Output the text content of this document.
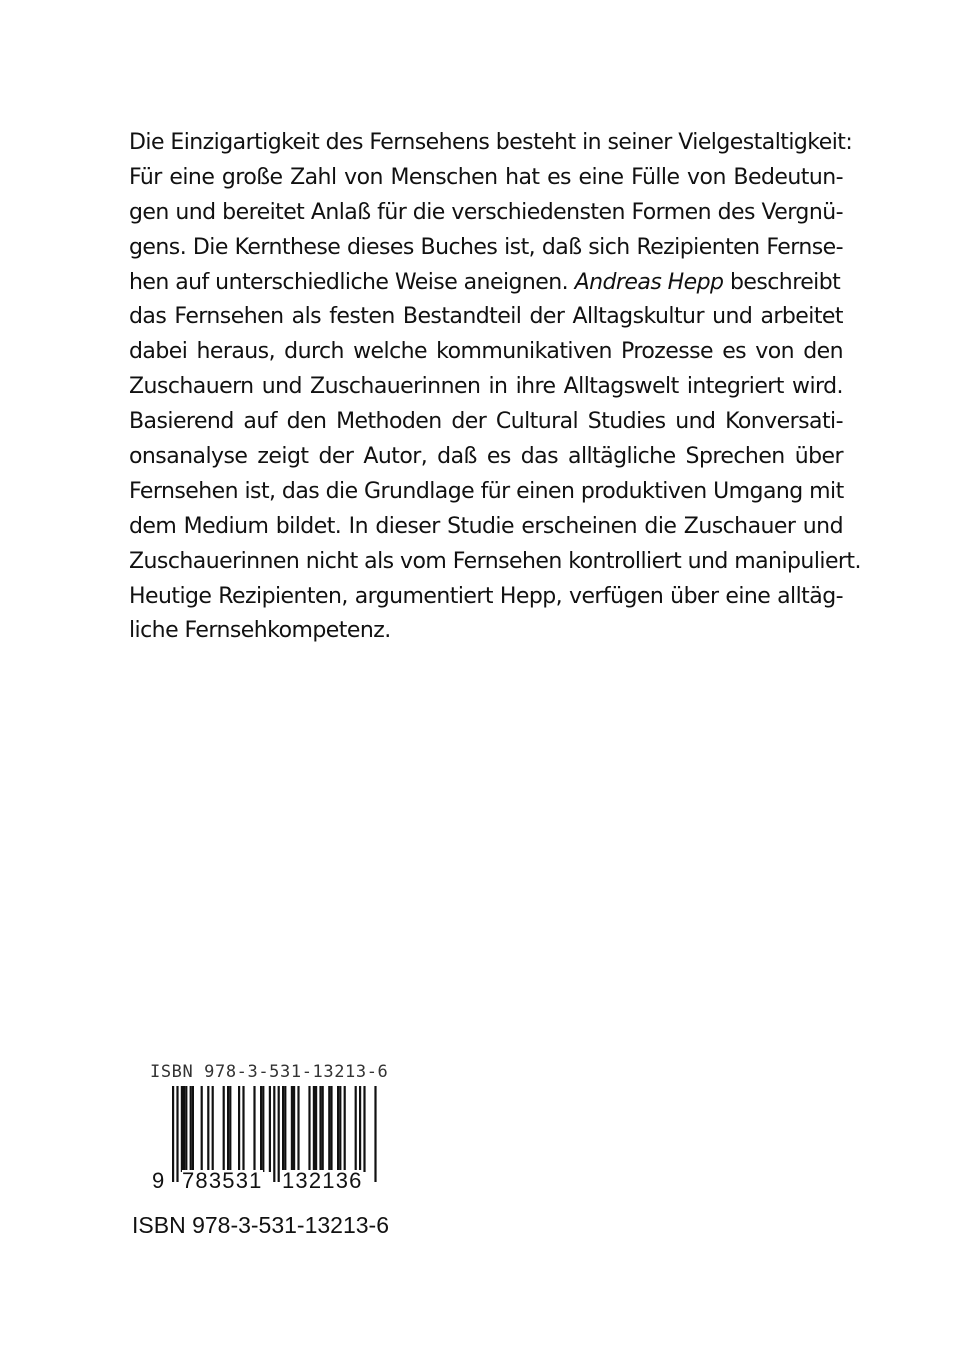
Die Einzigartigkeit des Fernsehens besteht in seiner Vielgestaltigkeit:
Für eine große Zahl von Menschen hat es eine Fülle von Bedeutun-
gen und bereitet Anlaß für die verschiedensten Formen des Vergnü-
gens. Die Kernthese dieses Buches ist, daß sich Rezipienten Fernse-
hen auf unterschiedliche Weise aneignen. Andreas Hepp beschreibt
das Fernsehen als festen Bestandteil der Alltagskultur und arbeitet
dabei heraus, durch welche kommunikativen Prozesse es von den
Zuschauern und Zuschauerinnen in ihre Alltagswelt integriert wird.
Basierend auf den Methoden der Cultural Studies und Konversati-
onsanalyse zeigt der Autor, daß es das alltägliche Sprechen über
Fernsehen ist, das die Grundlage für einen produktiven Umgang mit
dem Medium bildet. In dieser Studie erscheinen die Zuschauer und
Zuschauerinnen nicht als vom Fernsehen kontrolliert und manipuliert.
Heutige Rezipienten, argumentiert Hepp, verfügen über eine alltäg-
liche Fernsehkompetenz.
ISBN 978-3-531-13213-6
9 783531 132136
ISBN 978-3-531-13213-6
